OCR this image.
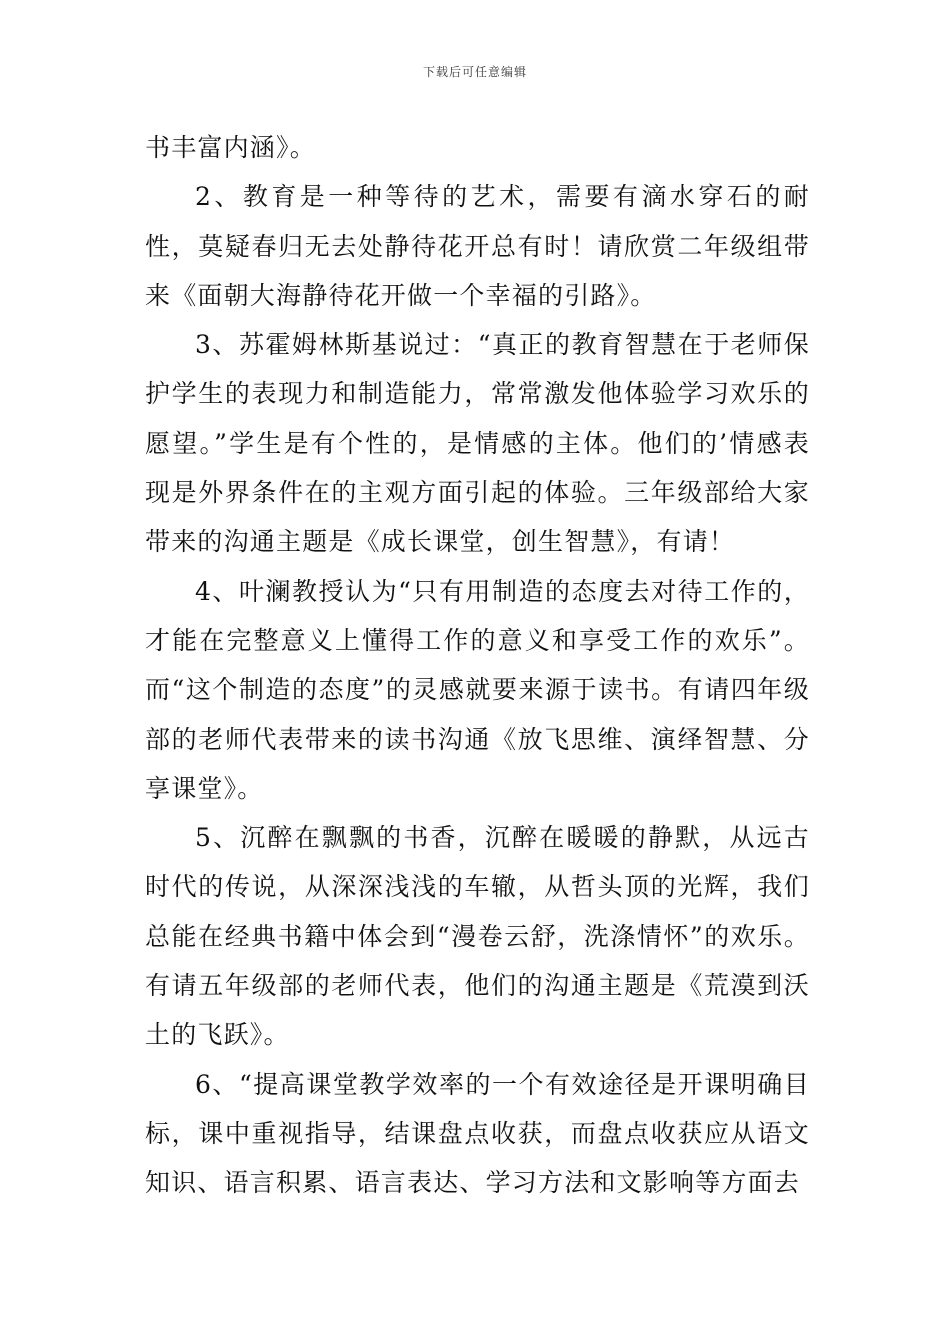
下载后可任意编辑

书丰富内涵》。

2、教育是一种等待的艺术，需要有滴水穿石的耐性，莫疑春归无去处静待花开总有时！请欣赏二年级组带来《面朝大海静待花开做一个幸福的引路》。

3、苏霍姆林斯基说过：“真正的教育智慧在于老师保护学生的表现力和制造能力，常常激发他体验学习欢乐的愿望。”学生是有个性的，是情感的主体。他们的’情感表现是外界条件在的主观方面引起的体验。三年级部给大家带来的沟通主题是《成长课堂，创生智慧》，有请！

4、叶澜教授认为“只有用制造的态度去对待工作的，才能在完整意义上懂得工作的意义和享受工作的欢乐”。而“这个制造的态度”的灵感就要来源于读书。有请四年级部的老师代表带来的读书沟通《放飞思维、演绎智慧、分享课堂》。

5、沉醉在飘飘的书香，沉醉在暖暖的静默，从远古时代的传说，从深深浅浅的车辙，从哲头顶的光辉，我们总能在经典书籍中体会到“漫卷云舒，洗涤情怀”的欢乐。有请五年级部的老师代表，他们的沟通主题是《荒漠到沃土的飞跃》。

6、“提高课堂教学效率的一个有效途径是开课明确目标，课中重视指导，结课盘点收获，而盘点收获应从语文知识、语言积累、语言表达、学习方法和文影响等方面去
